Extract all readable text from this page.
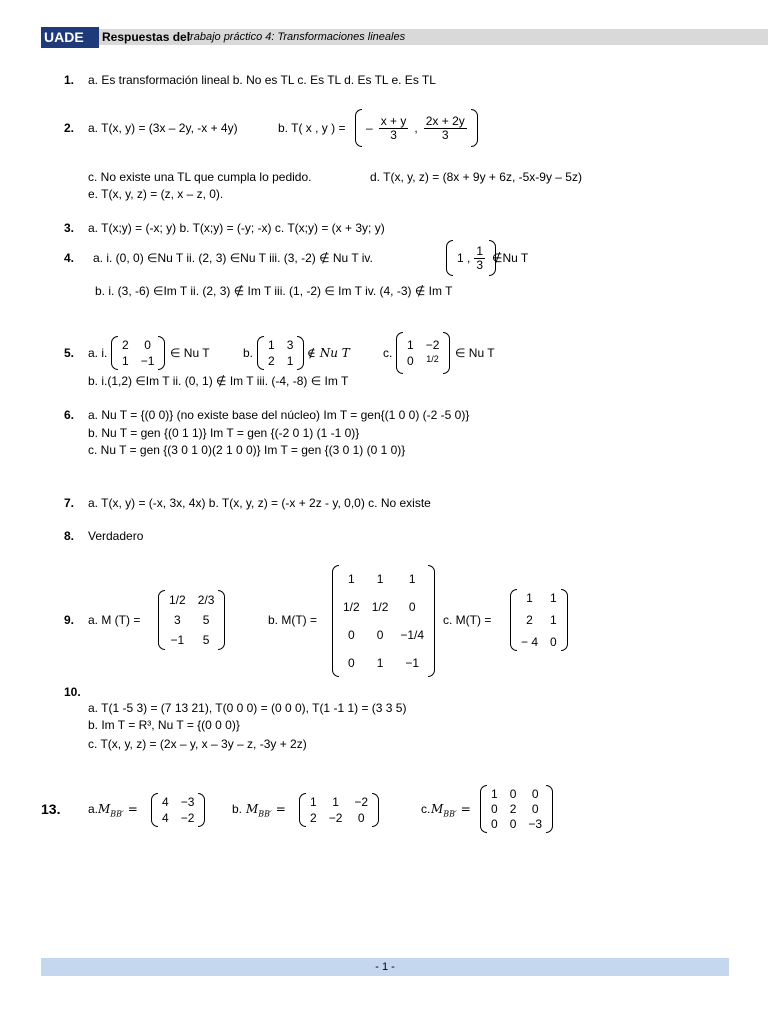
UADE	Respuestas del
trabajo práctico 4: Transformaciones lineales
1. a. Es transformación lineal b. No es TL c. Es TL d. Es TL e. Es TL
2. a. T(x, y) = (3x – 2y, -x + 4y)	b. T( x , y ) = – $\frac{x + y}{3}$ , $\frac{2x + 2y}{3}$
c. No existe una TL que cumpla lo pedido.	d. T(x, y, z) = (8x + 9y + 6z, -5x-9y – 5z)
e. T(x, y, z) = (z, x – z, 0).
3. a. T(x;y) = (-x; y) b. T(x;y) = (-y; -x) c. T(x;y) = (x + 3y; y)
4. a. i. (0, 0) ∈Nu T ii. (2, 3) ∈Nu T iii. (3, -2) ∉ Nu T iv.	1 , $\frac{1}{3}$ ∉Nu T
b. i. (3, -6) ∈Im T ii. (2, 3) ∉ Im T iii. (1, -2) ∈ Im T iv. (4, -3) ∉ Im T
5. a. i.	b.	c.
2 0
1 −1
∈ Nu T
1 3
2 1
∉ Nu T
1 −2
0 1/2 ∈ Nu T
b. i.(1,2) ∈Im T ii. (0, 1) ∉ Im T iii. (-4, -8) ∈ Im T
6. a. Nu T = {(0 0)} (no existe base del núcleo) Im T = gen{(1 0 0) (-2 -5 0)}
b. Nu T = gen {(0 1 1)} Im T = gen {(-2 0 1) (1 -1 0)}
c. Nu T = gen {(3 0 1 0)(2 1 0 0)} Im T = gen {(3 0 1) (0 1 0)}
7. a. T(x, y) = (-x, 3x, 4x) b. T(x, y, z) = (-x + 2z - y, 0,0) c. No existe
8. Verdadero
9. a. M (T) =	b. M(T) =	c. M(T) =
1/2 2/3
3	5
−1	5
1	1	1
1/2 1/2	0
0	0	−1/4
0	1	−1
1	1
2	1
− 4 0
10.
a. T(1 -5 3) = (7 13 21), T(0 0 0) = (0 0 0), T(1 -1 1) = (3 3 5)
b. Im T = R³, Nu T = {(0 0 0)}
c. T(x, y, z) = (2x – y, x – 3y – z, -3y + 2z)
13. a. $M_{BB'}$ =	b. $M_{BB'}$ =	c. $M_{BB'}$ =
4 −3
4 −2
1 1 −2
2 −2 0
1 0 0
0 2 0
0 0 −3
- 1 -
